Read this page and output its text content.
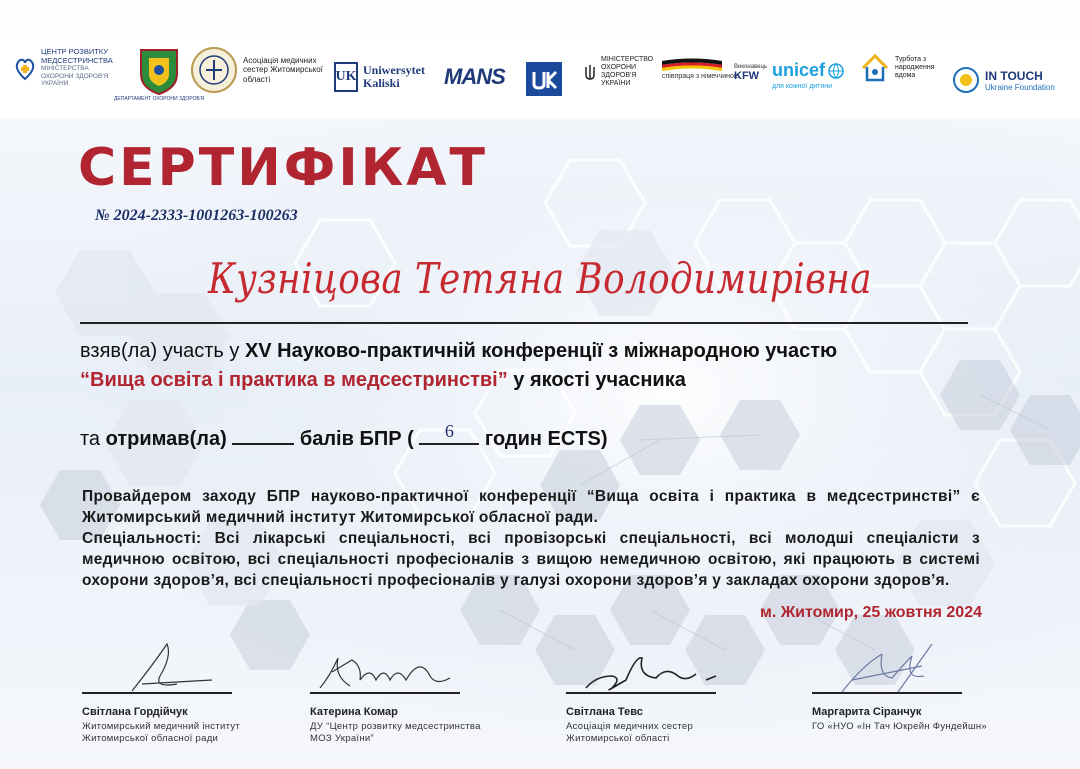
ЦЕНТР РОЗВИТКУ МЕДСЕСТРИНСТВА
МІНІСТЕРСТВА ОХОРОНИ ЗДОРОВ'Я УКРАЇНИ
ДЕПАРТАМЕНТ ОХОРОНИ ЗДОРОВ'Я
Асоціація медичних сестер Житомирської області	UK Uniwersytet Kaliski	MANS
МІНІСТЕРСТВО ОХОРОНИ ЗДОРОВ'Я УКРАЇНИ
співпраця з німеччиною
Виконавець
KFW unicef
для кожної дитини
Турбота з народження вдома	IN TOUCH
Ukraine Foundation
СЕРТИФІКАТ
№ 2024-2333-1001263-100263
Кузніцова Тетяна Володимирівна
взяв(ла) участь у XV Науково-практичній конференції з міжнародною участю
“Вища освіта і практика в медсестринстві” у якості учасника
та отримав(ла)	балів БПР (	6	годин ECTS)
Провайдером заходу БПР науково-практичної конференції “Вища освіта і практика в медсестринстві” є Житомирський медичний інститут Житомирської обласної ради.
Спеціальності: Всі лікарські спеціальності, всі провізорські спеціальності, всі молодші спеціалісти з медичною освітою, всі спеціальності професіоналів з вищою немедичною освітою, які працюють в системі охорони здоров’я, всі спеціальності професіоналів у галузі охорони здоров’я у закладах охорони здоров’я.
м. Житомир, 25 жовтня 2024
Світлана Гордійчук
Житомирський медичний інститут Житомирської обласної ради
Катерина Комар
ДУ “Центр розвитку медсестринства МОЗ України”
Світлана Тевс
Асоціація медичних сестер Житомирської області
Маргарита Сіранчук
ГО «НУО «Ін Тач Юкрейн Фундейшн»
